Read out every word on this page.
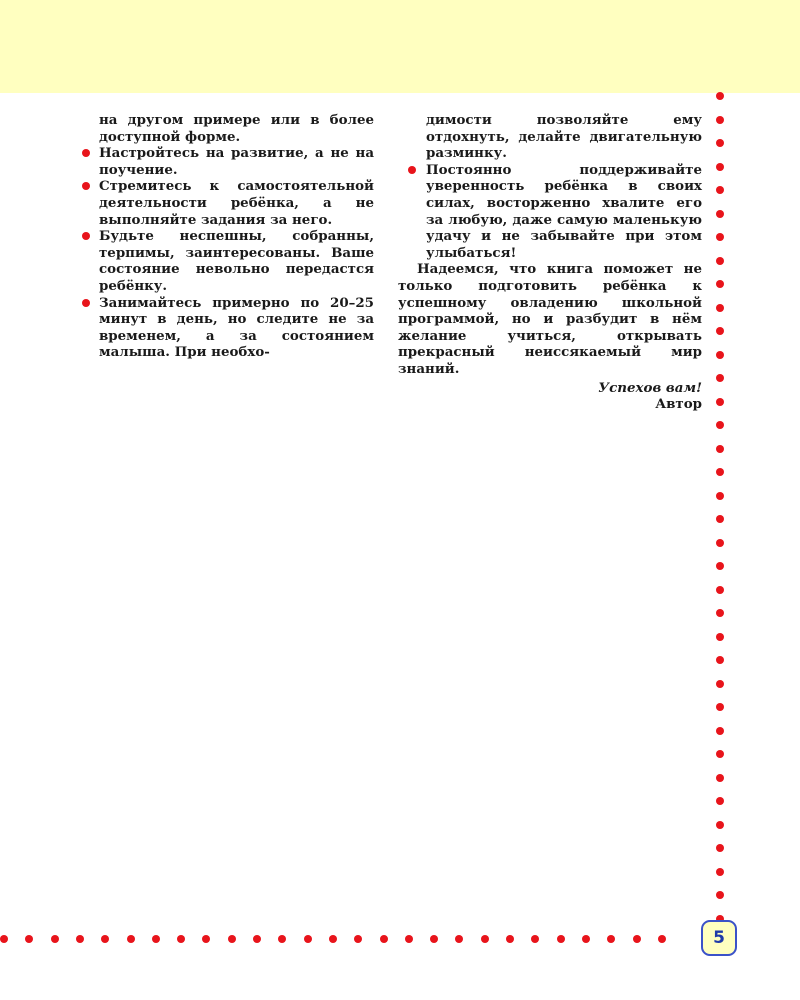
на другом примере или в более доступной форме.

Настройтесь на развитие, а не на поучение.

Стремитесь к самостоятельной деятельности ребёнка, а не выполняйте задания за него.

Будьте неспешны, собранны, терпимы, заинтересованы. Ваше состояние невольно передастся ребёнку.

Занимайтесь примерно по 20–25 минут в день, но следите не за временем, а за состоянием малыша. При необхо-

димости позволяйте ему отдохнуть, делайте двигательную разминку.

Постоянно поддерживайте уверенность ребёнка в своих силах, восторженно хвалите его за любую, даже самую маленькую удачу и не забывайте при этом улыбаться!

Надеемся, что книга поможет не только подготовить ребёнка к успешному овладению школьной программой, но и разбудит в нём желание учиться, открывать прекрасный неиссякаемый мир знаний.

Успехов вам!

Автор

5
